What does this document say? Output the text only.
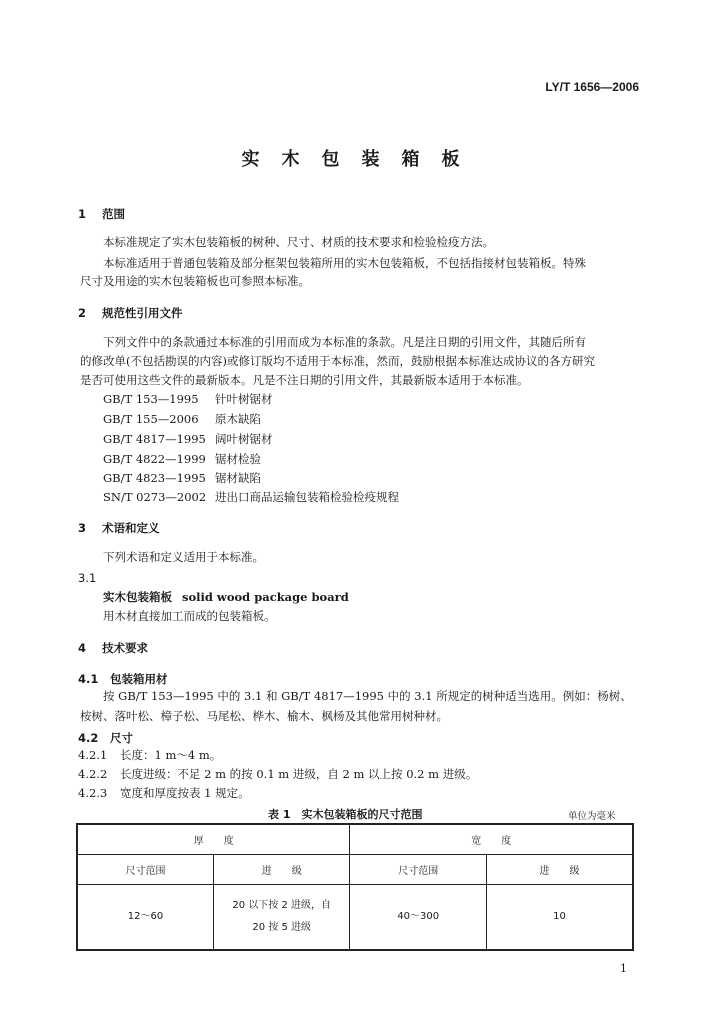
LY/T 1656—2006
实木包装箱板
1 范围
本标准规定了实木包装箱板的树种、尺寸、材质的技术要求和检验检疫方法。
本标准适用于普通包装箱及部分框架包装箱所用的实木包装箱板，不包括指接材包装箱板。特殊
尺寸及用途的实木包装箱板也可参照本标准。
2 规范性引用文件
下列文件中的条款通过本标准的引用而成为本标准的条款。凡是注日期的引用文件，其随后所有
的修改单(不包括勘误的内容)或修订版均不适用于本标准，然而，鼓励根据本标准达成协议的各方研究
是否可使用这些文件的最新版本。凡是不注日期的引用文件，其最新版本适用于本标准。
GB/T 153—1995 针叶树锯材
GB/T 155—2006 原木缺陷
GB/T 4817—1995 阔叶树锯材
GB/T 4822—1999 锯材检验
GB/T 4823—1995 锯材缺陷
SN/T 0273—2002 进出口商品运输包装箱检验检疫规程
3 术语和定义
下列术语和定义适用于本标准。
3.1
实木包装箱板 solid wood package board
用木材直接加工而成的包装箱板。
4 技术要求
4.1 包装箱用材
按 GB/T 153—1995 中的 3.1 和 GB/T 4817—1995 中的 3.1 所规定的树种适当选用。例如：杨树、
桉树、落叶松、樟子松、马尾松、桦木、榆木、枫杨及其他常用树种材。
4.2 尺寸
4.2.1 长度：1 m～4 m。
4.2.2 长度进级：不足 2 m 的按 0.1 m 进级，自 2 m 以上按 0.2 m 进级。
4.2.3 宽度和厚度按表 1 规定。
表 1　实木包装箱板的尺寸范围	单位为毫米
厚　　度		宽　　度	
尺寸范围	进　　级	尺寸范围	进　　级
12～60	20 以下按 2 进级，自
20 按 5 进级	40～300	10
1
